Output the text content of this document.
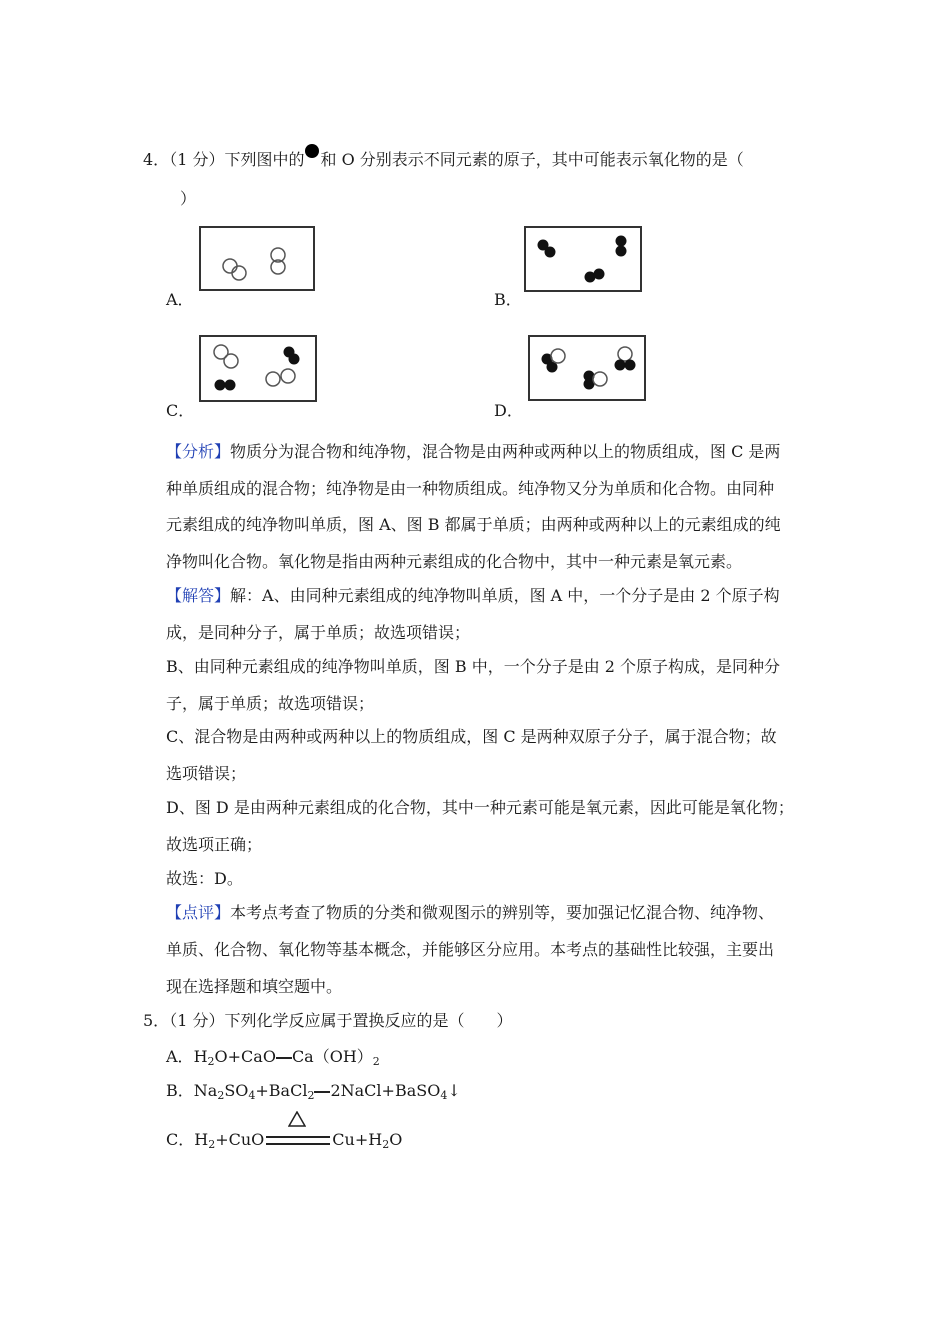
4．（1 分）下列图中的 和 O 分别表示不同元素的原子，其中可能表示氧化物的是（
）
A．	B．
C．	D．
【分析】物质分为混合物和纯净物，混合物是由两种或两种以上的物质组成，图 C 是两
种单质组成的混合物；纯净物是由一种物质组成。纯净物又分为单质和化合物。由同种
元素组成的纯净物叫单质，图 A、图 B 都属于单质；由两种或两种以上的元素组成的纯
净物叫化合物。氧化物是指由两种元素组成的化合物中，其中一种元素是氧元素。
【解答】解：A、由同种元素组成的纯净物叫单质，图 A 中，一个分子是由 2 个原子构
成，是同种分子，属于单质；故选项错误；
B、由同种元素组成的纯净物叫单质，图 B 中，一个分子是由 2 个原子构成，是同种分
子，属于单质；故选项错误；
C、混合物是由两种或两种以上的物质组成，图 C 是两种双原子分子，属于混合物；故
选项错误；
D、图 D 是由两种元素组成的化合物，其中一种元素可能是氧元素，因此可能是氧化物；
故选项正确；
故选：D。
【点评】本考点考查了物质的分类和微观图示的辨别等，要加强记忆混合物、纯净物、
单质、化合物、氧化物等基本概念，并能够区分应用。本考点的基础性比较强，主要出
现在选择题和填空题中。
5．（1 分）下列化学反应属于置换反应的是（　　）
A．$H_2O+CaO$ $Ca(OH)_2$
B．$Na_2SO_4+BaCl_2$ 2NaCl+BaSO$_4$↓
C．$H_2+CuO$	$Cu+H_2O$
